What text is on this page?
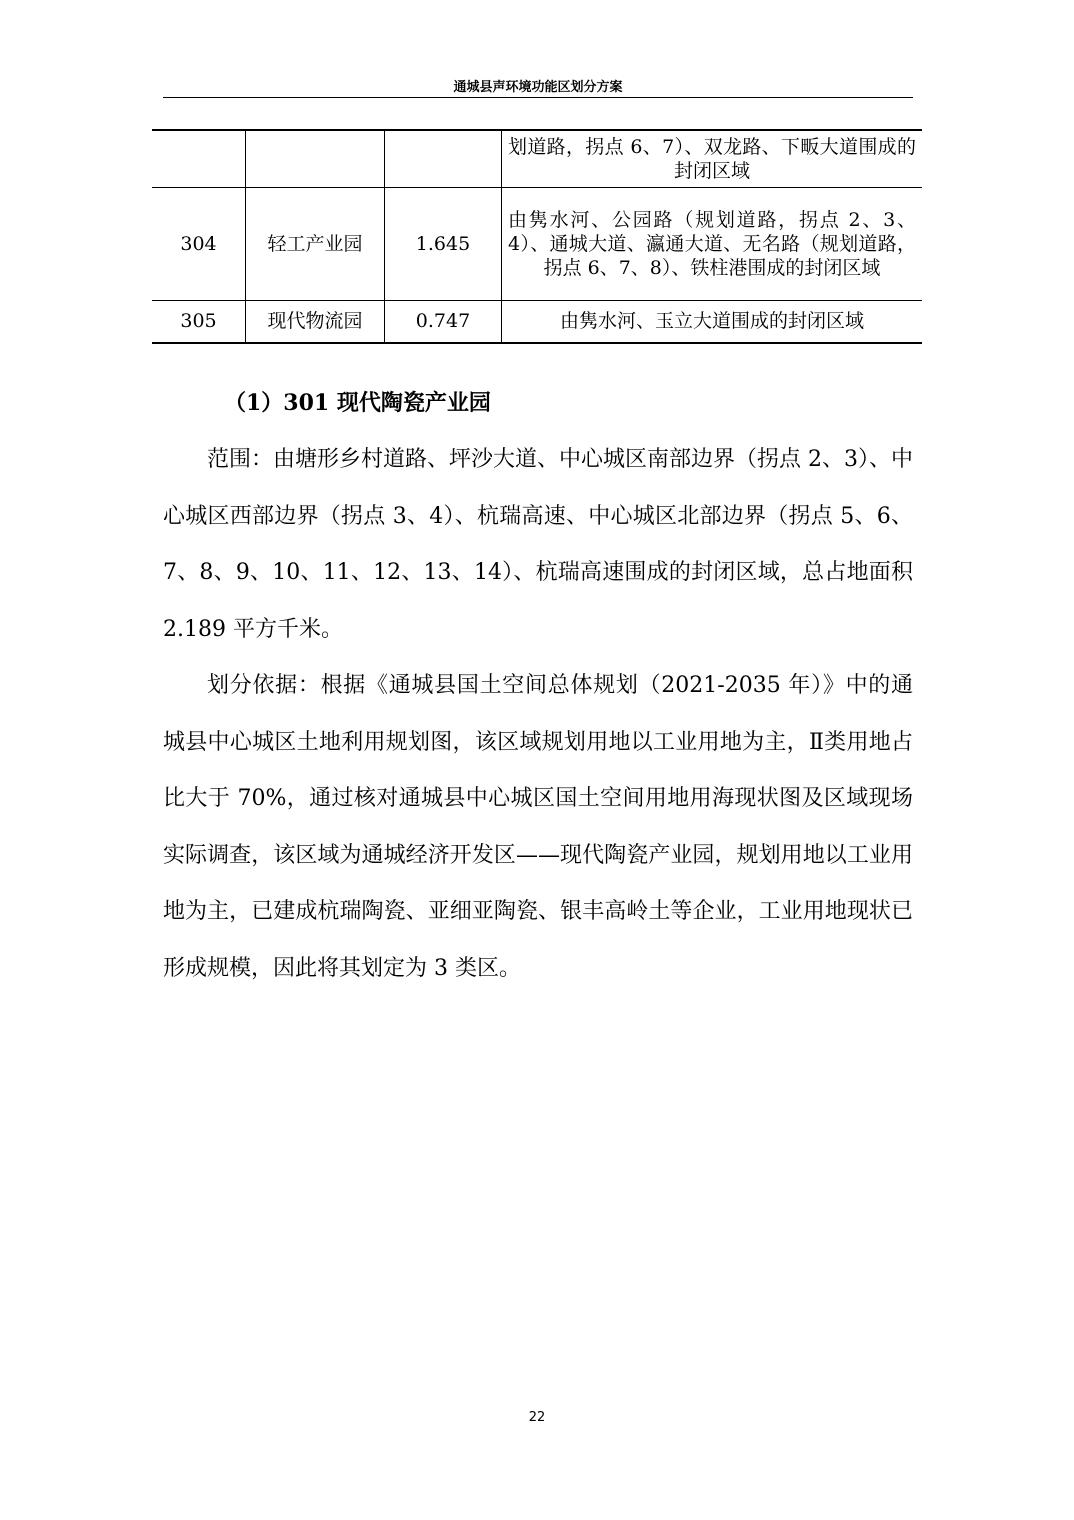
通城县声环境功能区划分方案
			划道路，拐点 6、7）、双龙路、下畈大道围成的封闭区域
304	轻工产业园	1.645	由隽水河、公园路（规划道路，拐点 2、3、4）、通城大道、瀛通大道、无名路（规划道路，拐点 6、7、8）、铁柱港围成的封闭区域
305	现代物流园	0.747	由隽水河、玉立大道围成的封闭区域
（1）301 现代陶瓷产业园

范围：由塘形乡村道路、坪沙大道、中心城区南部边界（拐点 2、3）、中心城区西部边界（拐点 3、4）、杭瑞高速、中心城区北部边界（拐点 5、6、7、8、9、10、11、12、13、14）、杭瑞高速围成的封闭区域，总占地面积 2.189 平方千米。

划分依据：根据《通城县国土空间总体规划（2021-2035 年）》中的通城县中心城区土地利用规划图，该区域规划用地以工业用地为主，Ⅱ类用地占比大于 70%，通过核对通城县中心城区国土空间用地用海现状图及区域现场实际调查，该区域为通城经济开发区——现代陶瓷产业园，规划用地以工业用地为主，已建成杭瑞陶瓷、亚细亚陶瓷、银丰高岭土等企业，工业用地现状已形成规模，因此将其划定为 3 类区。

22
